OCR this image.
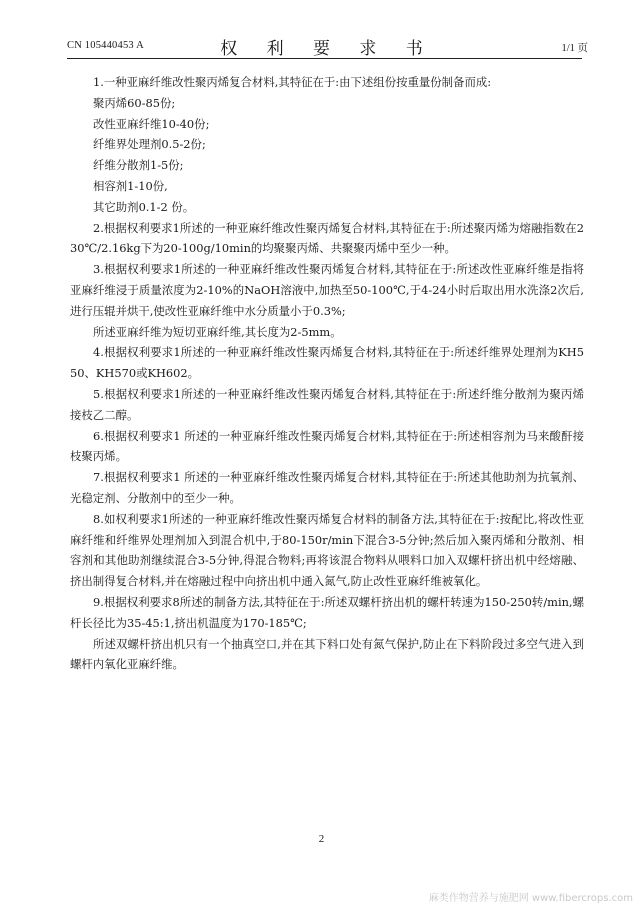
CN 105440453 A	权 利 要 求 书	1/1 页

1.一种亚麻纤维改性聚丙烯复合材料,其特征在于:由下述组份按重量份制备而成:

聚丙烯60-85份;

改性亚麻纤维10-40份;

纤维界处理剂0.5-2份;

纤维分散剂1-5份;

相容剂1-10份,

其它助剂0.1-2 份。

2.根据权利要求1所述的一种亚麻纤维改性聚丙烯复合材料,其特征在于:所述聚丙烯为熔融指数在230℃/2.16kg下为20-100g/10min的均聚聚丙烯、共聚聚丙烯中至少一种。

3.根据权利要求1所述的一种亚麻纤维改性聚丙烯复合材料,其特征在于:所述改性亚麻纤维是指将亚麻纤维浸于质量浓度为2-10%的NaOH溶液中,加热至50-100℃,于4-24小时后取出用水洗涤2次后,进行压辊并烘干,使改性亚麻纤维中水分质量小于0.3%;

所述亚麻纤维为短切亚麻纤维,其长度为2-5mm。

4.根据权利要求1所述的一种亚麻纤维改性聚丙烯复合材料,其特征在于:所述纤维界处理剂为KH550、KH570或KH602。

5.根据权利要求1所述的一种亚麻纤维改性聚丙烯复合材料,其特征在于:所述纤维分散剂为聚丙烯接枝乙二醇。

6.根据权利要求1 所述的一种亚麻纤维改性聚丙烯复合材料,其特征在于:所述相容剂为马来酸酐接枝聚丙烯。

7.根据权利要求1 所述的一种亚麻纤维改性聚丙烯复合材料,其特征在于:所述其他助剂为抗氧剂、光稳定剂、分散剂中的至少一种。

8.如权利要求1所述的一种亚麻纤维改性聚丙烯复合材料的制备方法,其特征在于:按配比,将改性亚麻纤维和纤维界处理剂加入到混合机中,于80-150r/min下混合3-5分钟;然后加入聚丙烯和分散剂、相容剂和其他助剂继续混合3-5分钟,得混合物料;再将该混合物料从喂料口加入双螺杆挤出机中经熔融、挤出制得复合材料,并在熔融过程中向挤出机中通入氮气,防止改性亚麻纤维被氧化。

9.根据权利要求8所述的制备方法,其特征在于:所述双螺杆挤出机的螺杆转速为150-250转/min,螺杆长径比为35-45:1,挤出机温度为170-185℃;

所述双螺杆挤出机只有一个抽真空口,并在其下料口处有氮气保护,防止在下料阶段过多空气进入到螺杆内氧化亚麻纤维。

2
麻类作物营养与施肥网 www.fibercrops.com
